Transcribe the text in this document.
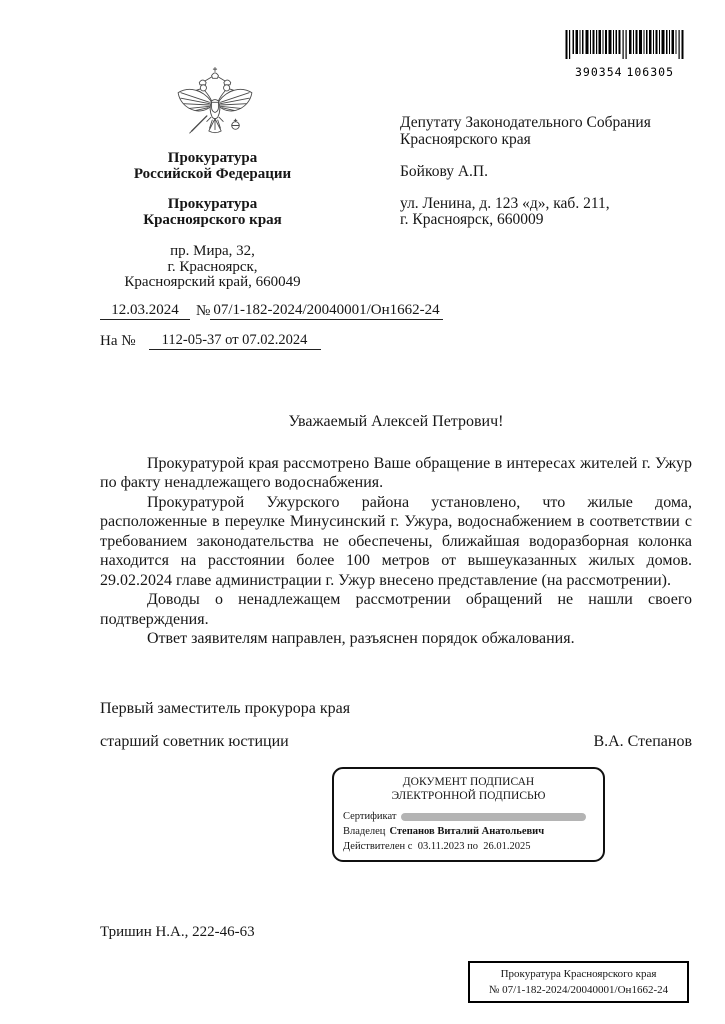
390354 106305
Прокуратура
Российской Федерации
Прокуратура
Красноярского края
пр. Мира, 32,
г. Красноярск,
Красноярский край, 660049
Депутату Законодательного Собрания
Красноярского края
Бойкову А.П.
ул. Ленина, д. 123 «д», каб. 211,
г. Красноярск, 660009
12.03.2024	№ 07/1-182-2024/20040001/Он1662-24
На №	112-05-37 от 07.02.2024
Уважаемый Алексей Петрович!

Прокуратурой края рассмотрено Ваше обращение в интересах жителей г. Ужур по факту ненадлежащего водоснабжения.

Прокуратурой Ужурского района установлено, что жилые дома, расположенные в переулке Минусинский г. Ужура, водоснабжением в соответствии с требованием законодательства не обеспечены, ближайшая водоразборная колонка находится на расстоянии более 100 метров от вышеуказанных жилых домов. 29.02.2024 главе администрации г. Ужур внесено представление (на рассмотрении).

Доводы о ненадлежащем рассмотрении обращений не нашли своего подтверждения.

Ответ заявителям направлен, разъяснен порядок обжалования.

Первый заместитель прокурора края
старший советник юстиции	В.А. Степанов
ДОКУМЕНТ ПОДПИСАН
ЭЛЕКТРОННОЙ ПОДПИСЬЮ
Сертификат
Владелец Степанов Виталий Анатольевич
Действителен с  03.11.2023 по  26.01.2025
Тришин Н.А., 222-46-63
Прокуратура Красноярского края
№ 07/1-182-2024/20040001/Он1662-24
